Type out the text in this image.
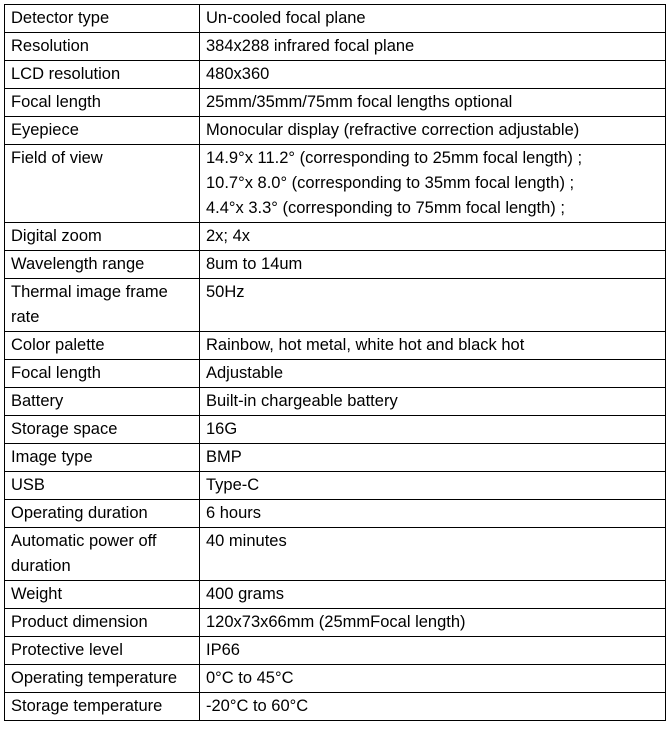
Detector type	Un-cooled focal plane

Resolution	384x288 infrared focal plane

LCD resolution	480x360

Focal length	25mm/35mm/75mm focal lengths optional

Eyepiece	Monocular display (refractive correction adjustable)

Field of view	14.9°x 11.2° (corresponding to 25mm focal length) ;
10.7°x 8.0° (corresponding to 35mm focal length) ;
4.4°x 3.3° (corresponding to 75mm focal length) ;

Digital zoom	2x; 4x

Wavelength range	8um to 14um

Thermal image frame rate	50Hz

Color palette	Rainbow, hot metal, white hot and black hot

Focal length	Adjustable

Battery	Built-in chargeable battery

Storage space	16G

Image type	BMP

USB	Type-C

Operating duration	6 hours

Automatic power off duration	40 minutes

Weight	400 grams

Product dimension	120x73x66mm (25mmFocal length)

Protective level	IP66

Operating temperature	0°C to 45°C

Storage temperature	-20°C to 60°C
